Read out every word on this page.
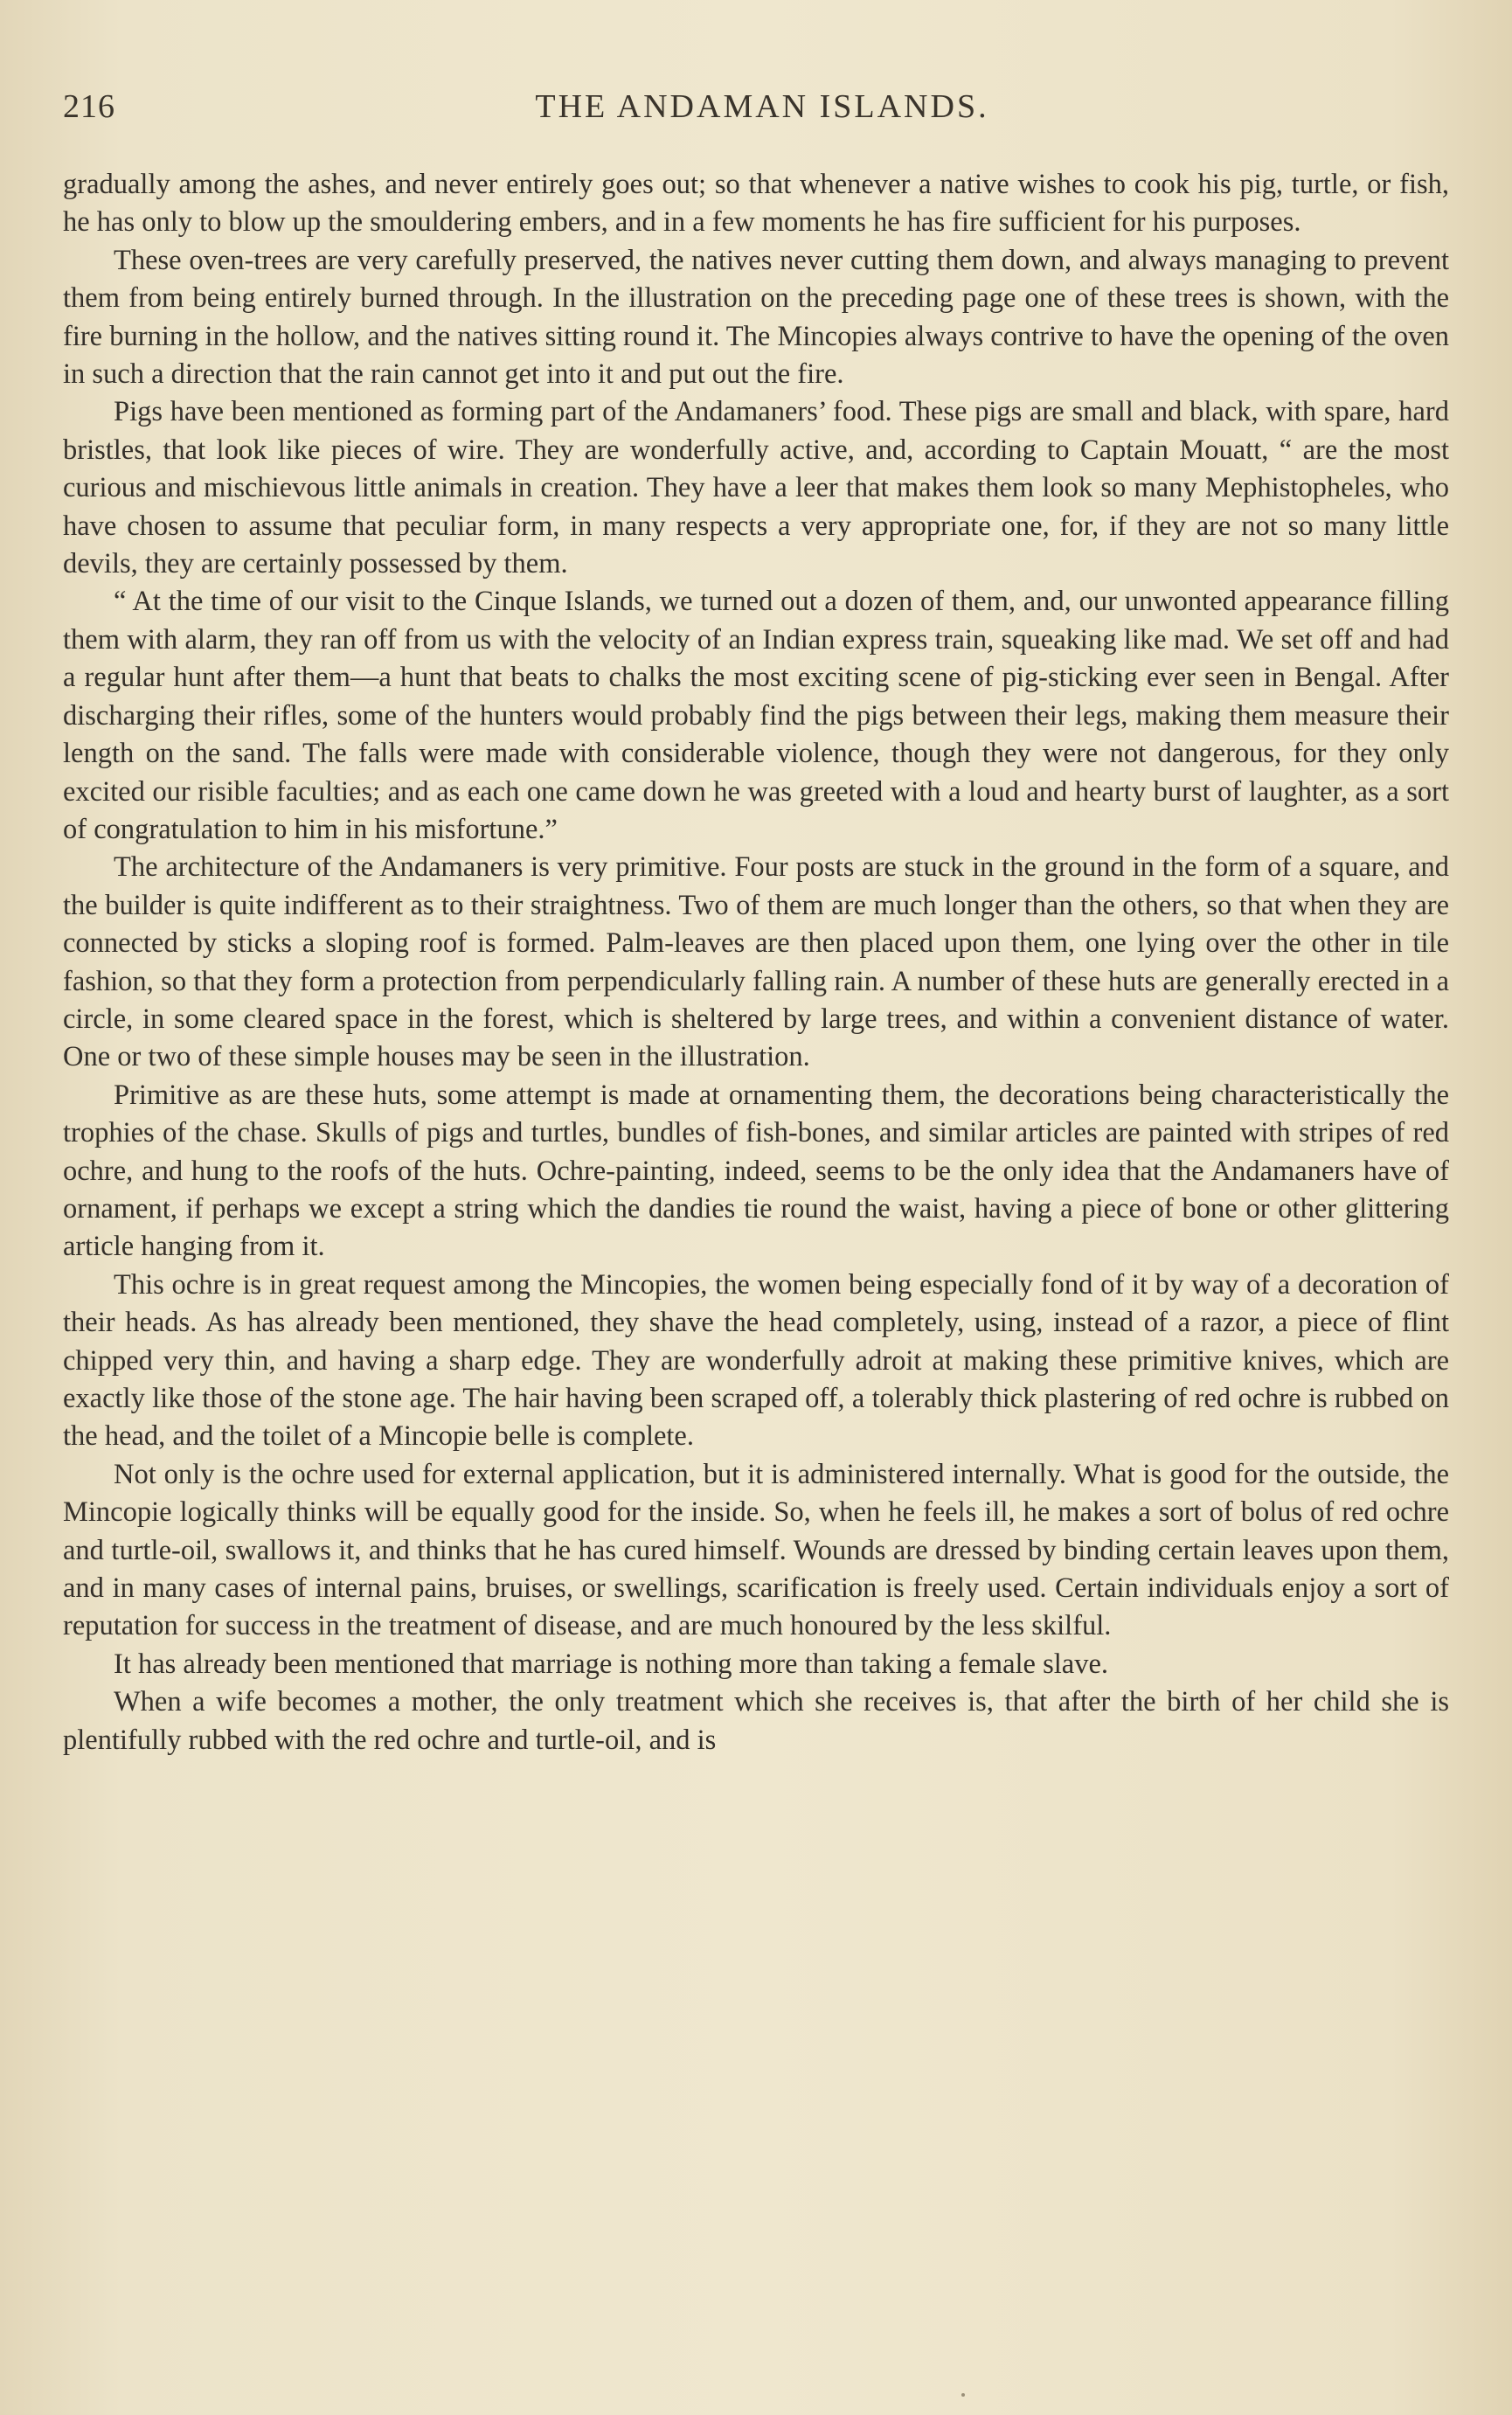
216	THE ANDAMAN ISLANDS.

gradually among the ashes, and never entirely goes out; so that whenever a native wishes to cook his pig, turtle, or fish, he has only to blow up the smouldering embers, and in a few moments he has fire sufficient for his purposes.

These oven-trees are very carefully preserved, the natives never cutting them down, and always managing to prevent them from being entirely burned through. In the illustration on the preceding page one of these trees is shown, with the fire burning in the hollow, and the natives sitting round it. The Mincopies always contrive to have the opening of the oven in such a direction that the rain cannot get into it and put out the fire.

Pigs have been mentioned as forming part of the Andamaners’ food. These pigs are small and black, with spare, hard bristles, that look like pieces of wire. They are wonderfully active, and, according to Captain Mouatt, “ are the most curious and mischievous little animals in creation. They have a leer that makes them look so many Mephistopheles, who have chosen to assume that peculiar form, in many respects a very appropriate one, for, if they are not so many little devils, they are certainly possessed by them.

“ At the time of our visit to the Cinque Islands, we turned out a dozen of them, and, our unwonted appearance filling them with alarm, they ran off from us with the velocity of an Indian express train, squeaking like mad. We set off and had a regular hunt after them—a hunt that beats to chalks the most exciting scene of pig-sticking ever seen in Bengal. After discharging their rifles, some of the hunters would probably find the pigs between their legs, making them measure their length on the sand. The falls were made with considerable violence, though they were not dangerous, for they only excited our risible faculties; and as each one came down he was greeted with a loud and hearty burst of laughter, as a sort of congratulation to him in his misfortune.”

The architecture of the Andamaners is very primitive. Four posts are stuck in the ground in the form of a square, and the builder is quite indifferent as to their straightness. Two of them are much longer than the others, so that when they are connected by sticks a sloping roof is formed. Palm-leaves are then placed upon them, one lying over the other in tile fashion, so that they form a protection from perpendicularly falling rain. A number of these huts are generally erected in a circle, in some cleared space in the forest, which is sheltered by large trees, and within a convenient distance of water. One or two of these simple houses may be seen in the illustration.

Primitive as are these huts, some attempt is made at ornamenting them, the decorations being characteristically the trophies of the chase. Skulls of pigs and turtles, bundles of fish-bones, and similar articles are painted with stripes of red ochre, and hung to the roofs of the huts. Ochre-painting, indeed, seems to be the only idea that the Andamaners have of ornament, if perhaps we except a string which the dandies tie round the waist, having a piece of bone or other glittering article hanging from it.

This ochre is in great request among the Mincopies, the women being especially fond of it by way of a decoration of their heads. As has already been mentioned, they shave the head completely, using, instead of a razor, a piece of flint chipped very thin, and having a sharp edge. They are wonderfully adroit at making these primitive knives, which are exactly like those of the stone age. The hair having been scraped off, a tolerably thick plastering of red ochre is rubbed on the head, and the toilet of a Mincopie belle is complete.

Not only is the ochre used for external application, but it is administered internally. What is good for the outside, the Mincopie logically thinks will be equally good for the inside. So, when he feels ill, he makes a sort of bolus of red ochre and turtle-oil, swallows it, and thinks that he has cured himself. Wounds are dressed by binding certain leaves upon them, and in many cases of internal pains, bruises, or swellings, scarification is freely used. Certain individuals enjoy a sort of reputation for success in the treatment of disease, and are much honoured by the less skilful.

It has already been mentioned that marriage is nothing more than taking a female slave.

When a wife becomes a mother, the only treatment which she receives is, that after the birth of her child she is plentifully rubbed with the red ochre and turtle-oil, and is
